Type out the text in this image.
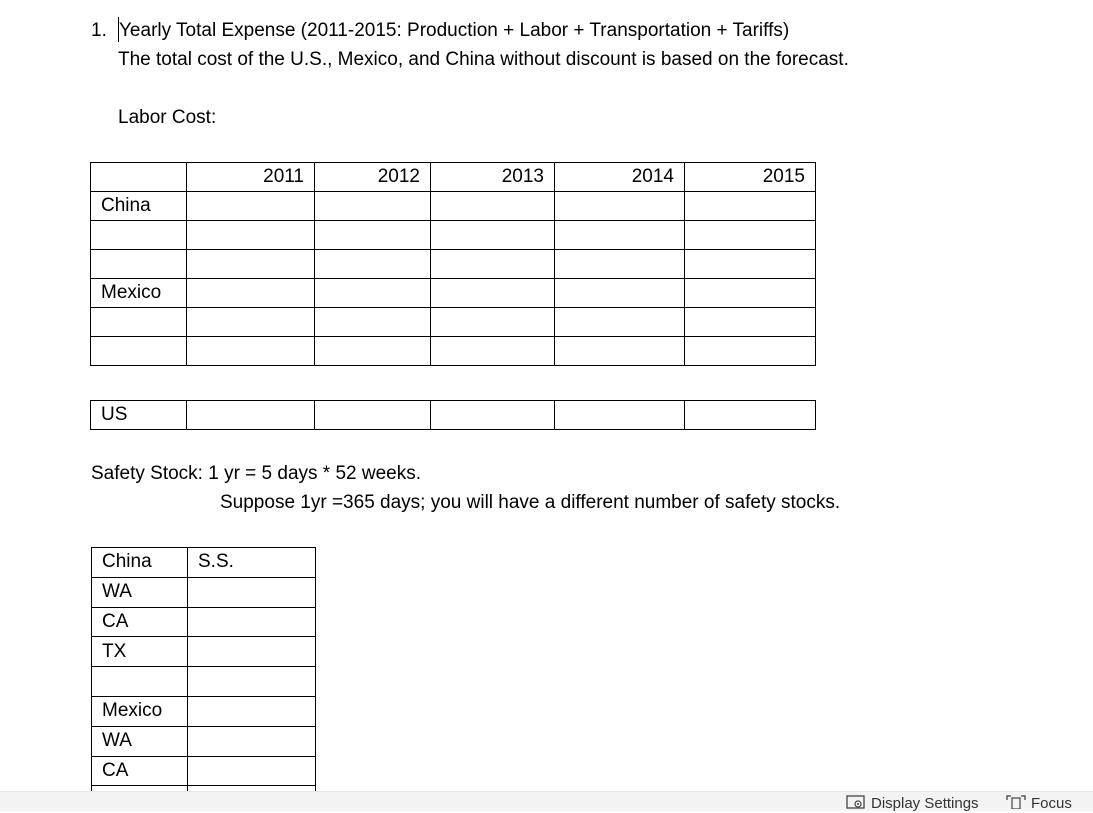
1. Yearly Total Expense (2011-2015: Production + Labor + Transportation + Tariffs)
The total cost of the U.S., Mexico, and China without discount is based on the forecast.
Labor Cost:
	2011	2012	2013	2014	2015
China					

Mexico					

US					
Safety Stock: 1 yr = 5 days * 52 weeks.
Suppose 1yr =365 days; you will have a different number of safety stocks.
China	S.S.
WA	
CA	
TX	

Mexico	
WA	
CA	

Display Settings	Focus
